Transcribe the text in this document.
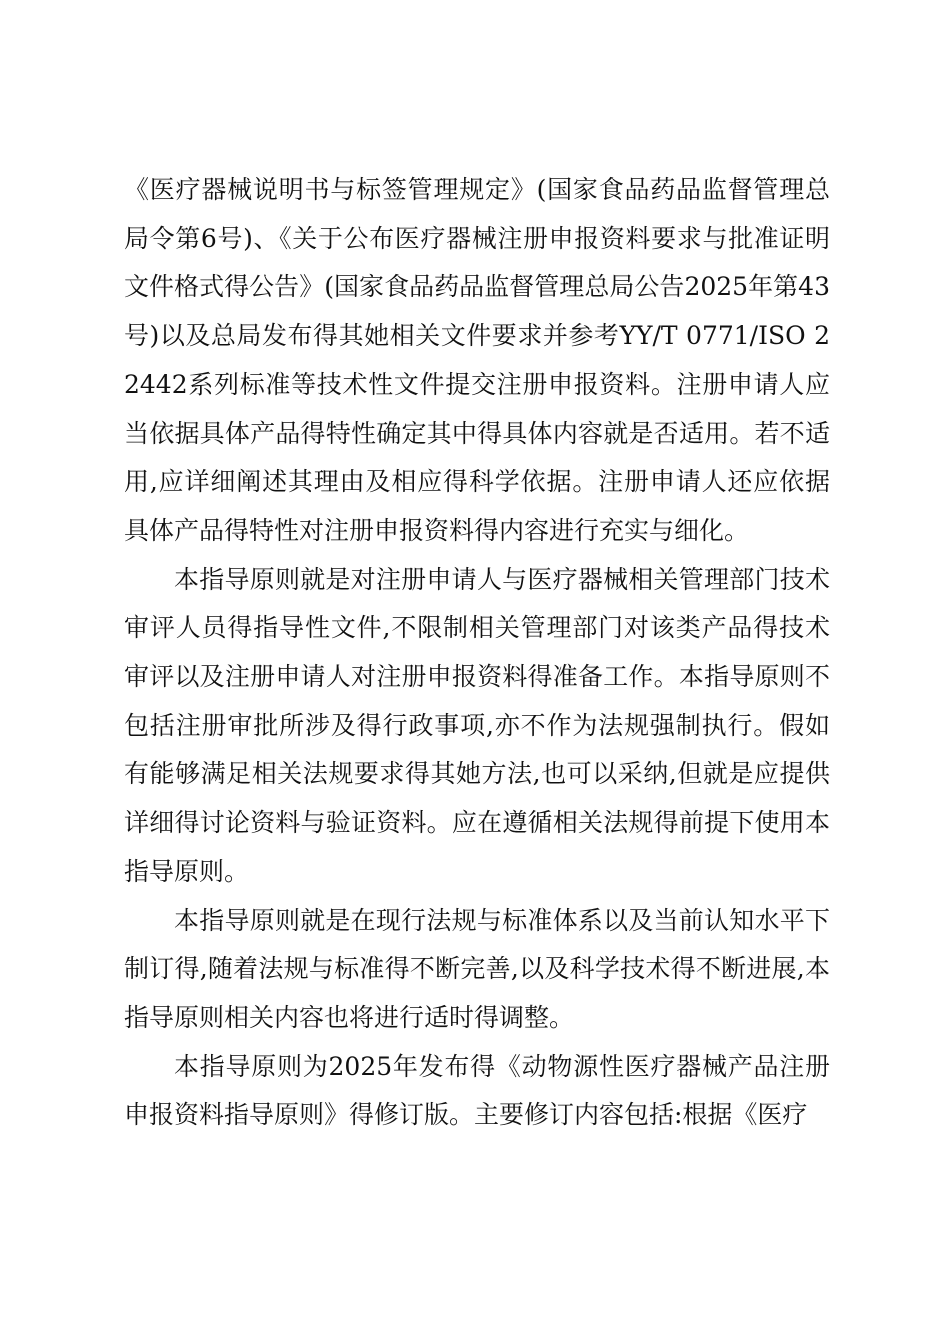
《医疗器械说明书与标签管理规定》(国家食品药品监督管理总局令第6号)、《关于公布医疗器械注册申报资料要求与批准证明文件格式得公告》(国家食品药品监督管理总局公告2025年第43号)以及总局发布得其她相关文件要求并参考YY/T 0771/ISO 22442系列标准等技术性文件提交注册申报资料。注册申请人应当依据具体产品得特性确定其中得具体内容就是否适用。若不适用,应详细阐述其理由及相应得科学依据。注册申请人还应依据具体产品得特性对注册申报资料得内容进行充实与细化。

本指导原则就是对注册申请人与医疗器械相关管理部门技术审评人员得指导性文件,不限制相关管理部门对该类产品得技术审评以及注册申请人对注册申报资料得准备工作。本指导原则不包括注册审批所涉及得行政事项,亦不作为法规强制执行。假如有能够满足相关法规要求得其她方法,也可以采纳,但就是应提供详细得讨论资料与验证资料。应在遵循相关法规得前提下使用本指导原则。

本指导原则就是在现行法规与标准体系以及当前认知水平下制订得,随着法规与标准得不断完善,以及科学技术得不断进展,本指导原则相关内容也将进行适时得调整。

本指导原则为2025年发布得《动物源性医疗器械产品注册申报资料指导原则》得修订版。主要修订内容包括:根据《医疗
